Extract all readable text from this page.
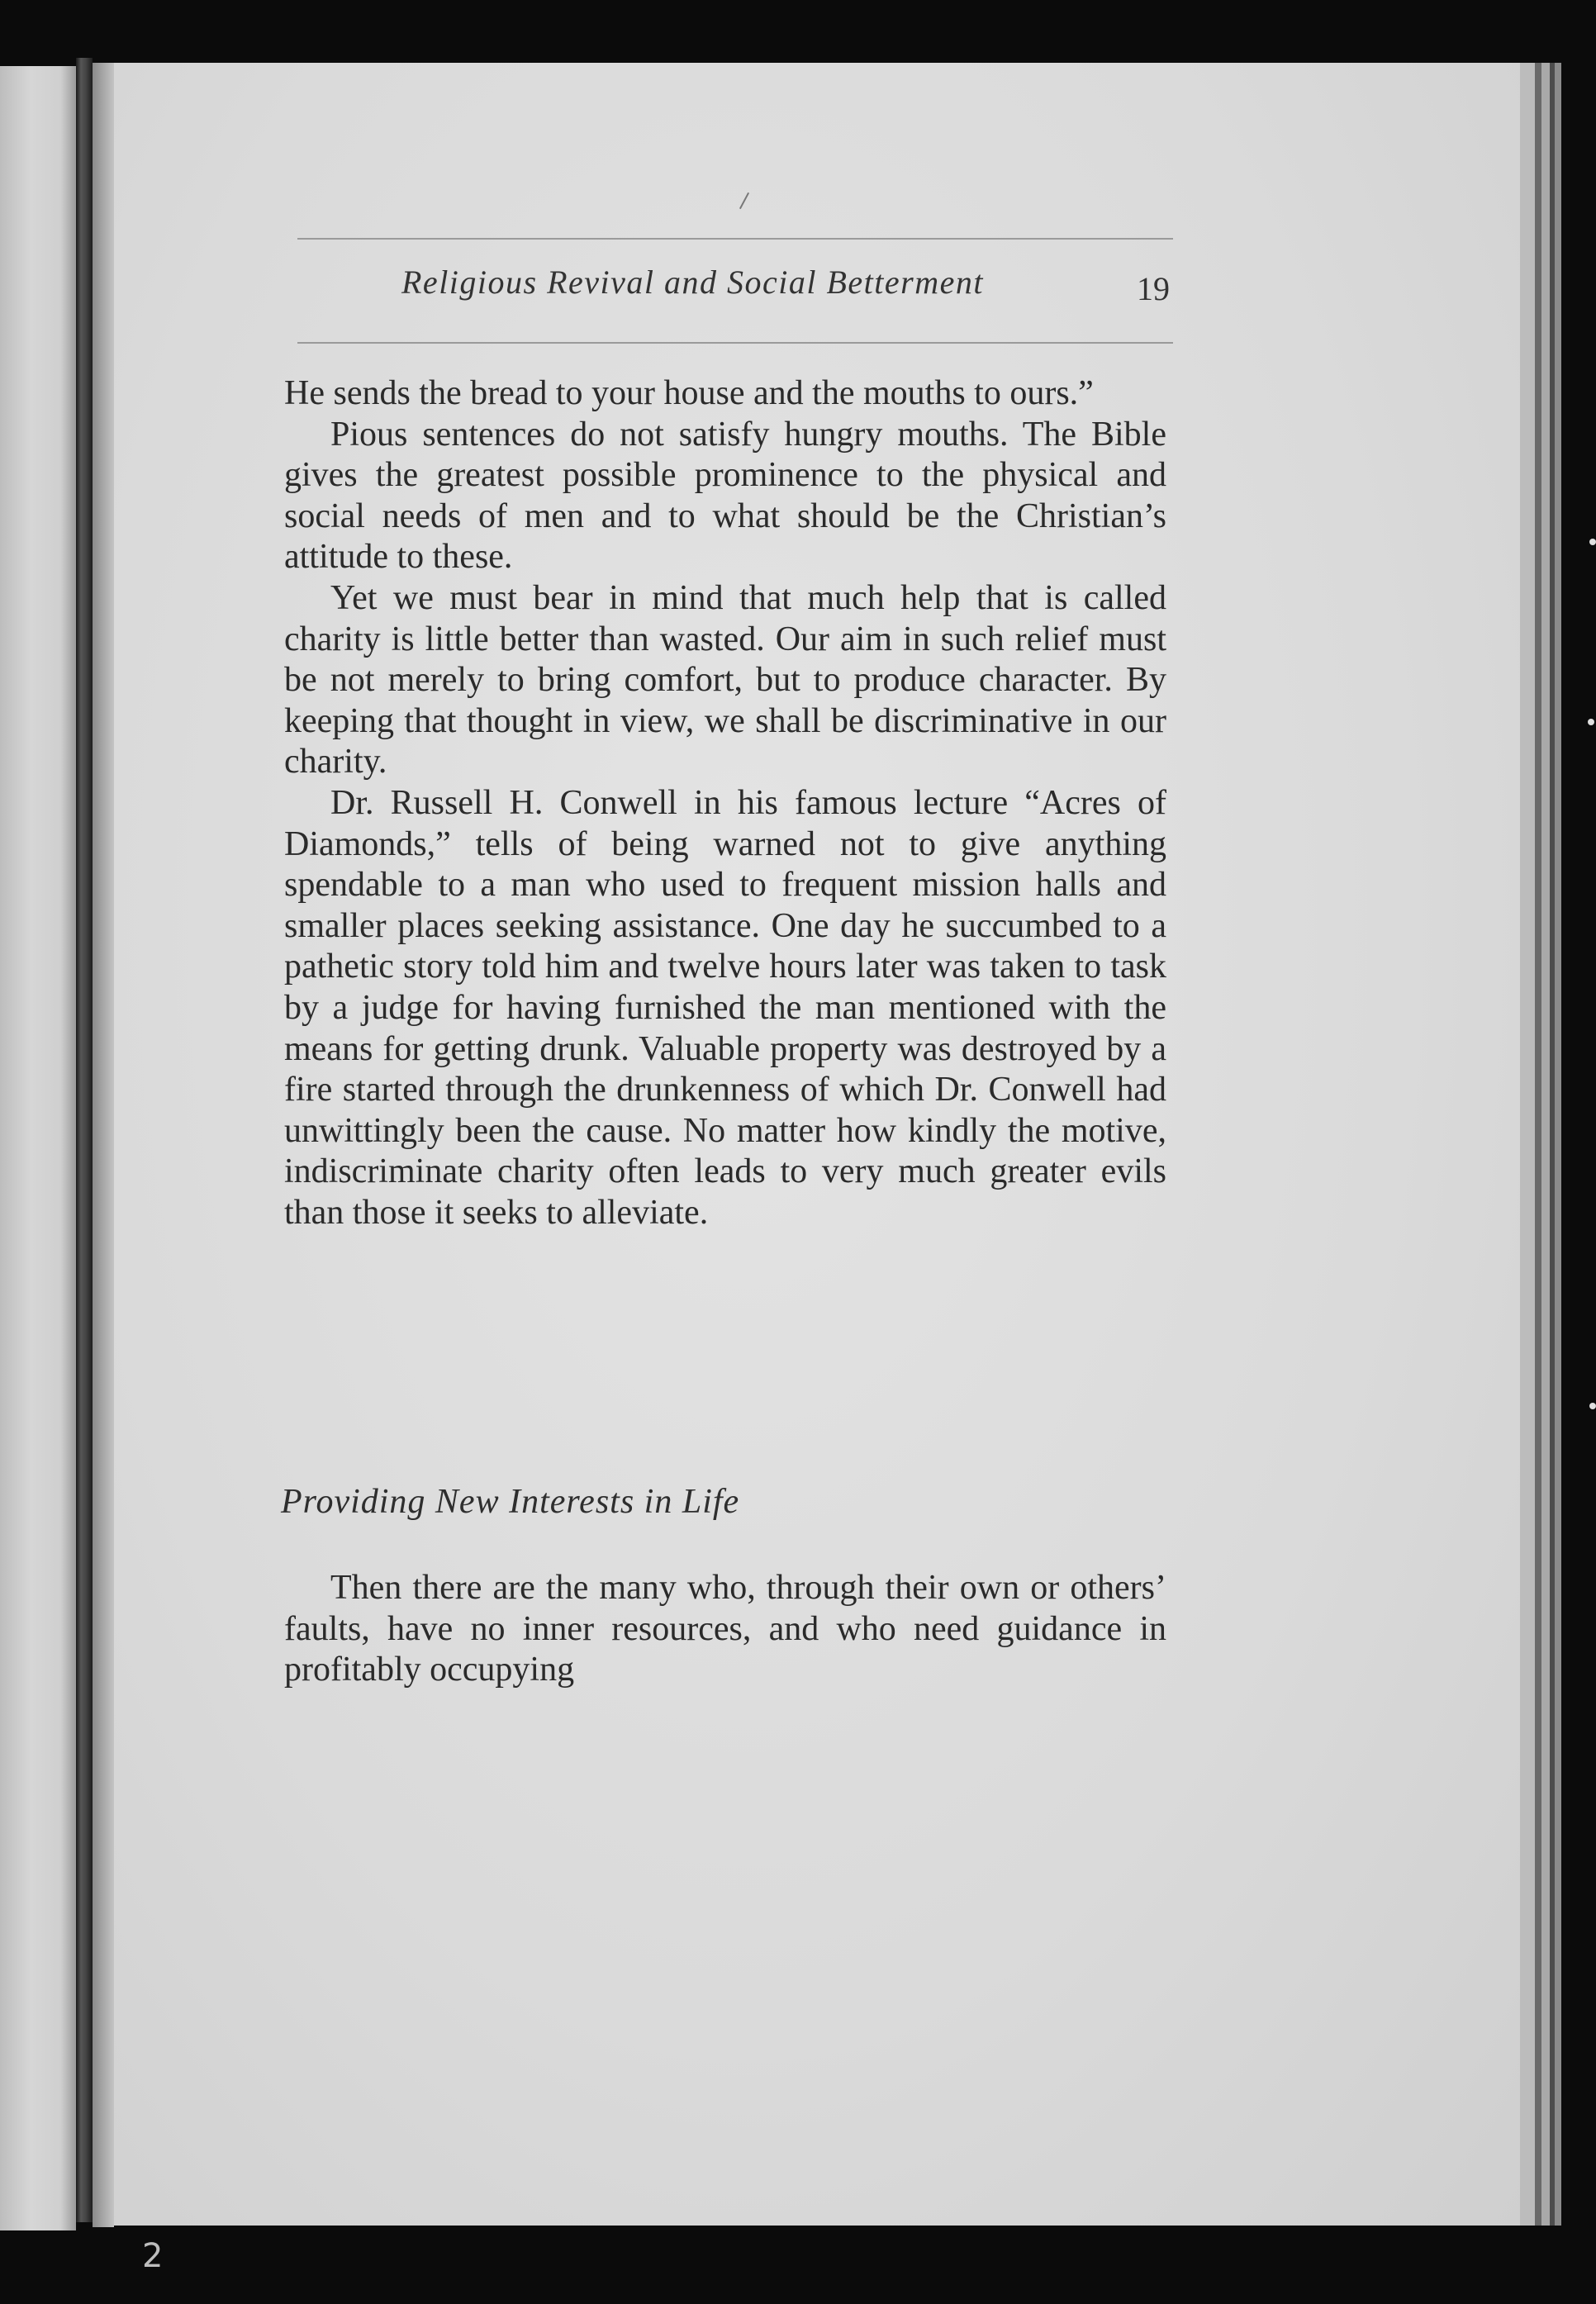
Religious Revival and Social Betterment	19

He sends the bread to your house and the mouths to ours.”

Pious sentences do not satisfy hungry mouths. The Bible gives the greatest possible prominence to the physical and social needs of men and to what should be the Christian’s attitude to these.

Yet we must bear in mind that much help that is called charity is little better than wasted. Our aim in such relief must be not merely to bring comfort, but to produce character. By keeping that thought in view, we shall be discriminative in our charity.

Dr. Russell H. Conwell in his famous lecture “Acres of Diamonds,” tells of being warned not to give anything spendable to a man who used to frequent mission halls and smaller places seeking assistance. One day he succumbed to a pathetic story told him and twelve hours later was taken to task by a judge for having furnished the man mentioned with the means for getting drunk. Valuable property was destroyed by a fire started through the drunkenness of which Dr. Conwell had unwittingly been the cause. No matter how kindly the motive, indiscriminate charity often leads to very much greater evils than those it seeks to alleviate.

Providing New Interests in Life

Then there are the many who, through their own or others’ faults, have no inner resources, and who need guidance in profitably occupying

2
